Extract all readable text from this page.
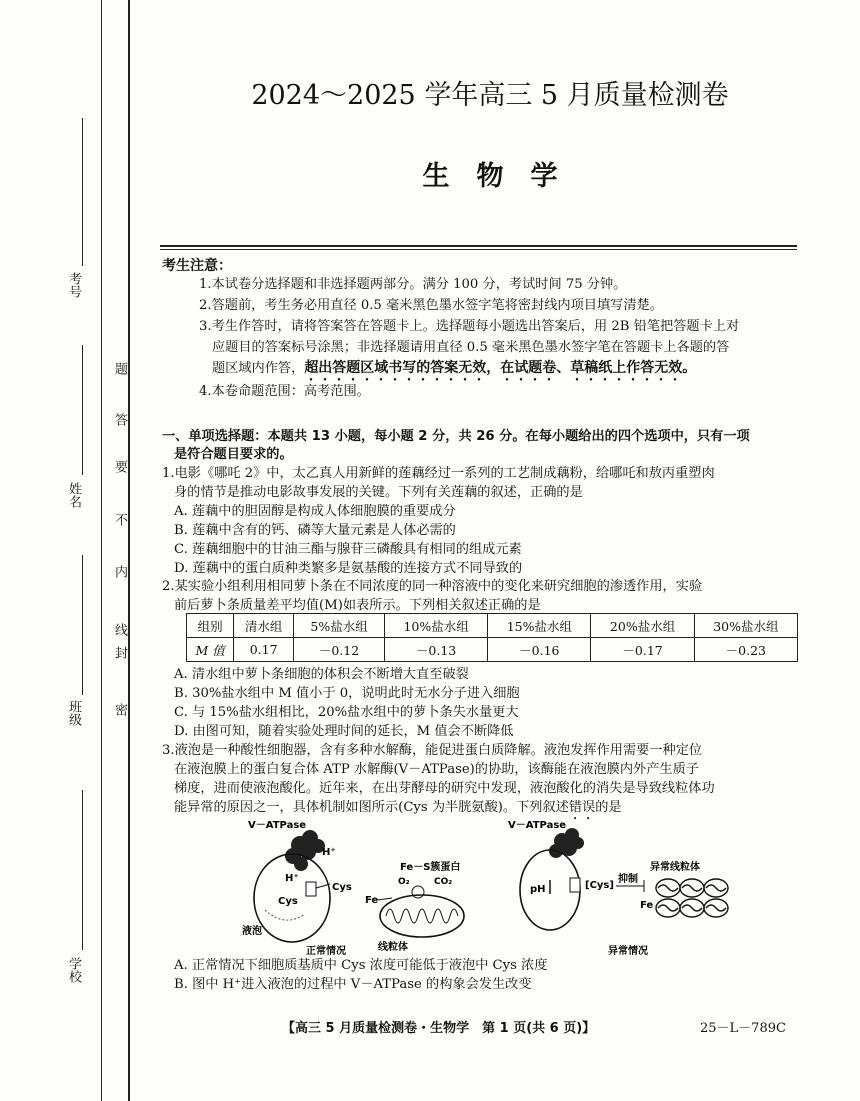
考号
姓名
班级
学校
密
封
线
内
不
要
答
题
2024～2025 学年高三 5 月质量检测卷
生　物　学
考生注意：
1.本试卷分选择题和非选择题两部分。满分 100 分，考试时间 75 分钟。
2.答题前，考生务必用直径 0.5 毫米黑色墨水签字笔将密封线内项目填写清楚。
3.考生作答时，请将答案答在答题卡上。选择题每小题选出答案后，用 2B 铅笔把答题卡上对
应题目的答案标号涂黑；非选择题请用直径 0.5 毫米黑色墨水签字笔在答题卡上各题的答
题区域内作答，超出答题区域书写的答案无效，在试题卷、草稿纸上作答无效。
4.本卷命题范围：高考范围。
一、单项选择题：本题共 13 小题，每小题 2 分，共 26 分。在每小题给出的四个选项中，只有一项
是符合题目要求的。
1.电影《哪吒 2》中，太乙真人用新鲜的莲藕经过一系列的工艺制成藕粉，给哪吒和敖丙重塑肉
身的情节是推动电影故事发展的关键。下列有关莲藕的叙述，正确的是
A. 莲藕中的胆固醇是构成人体细胞膜的重要成分
B. 莲藕中含有的钙、磷等大量元素是人体必需的
C. 莲藕细胞中的甘油三酯与腺苷三磷酸具有相同的组成元素
D. 莲藕中的蛋白质种类繁多是氨基酸的连接方式不同导致的
2.某实验小组利用相同萝卜条在不同浓度的同一种溶液中的变化来研究细胞的渗透作用，实验
前后萝卜条质量差平均值(M)如表所示。下列相关叙述正确的是
组别	清水组	5%盐水组	10%盐水组	15%盐水组	20%盐水组	30%盐水组
M 值	0.17	－0.12	－0.13	－0.16	－0.17	－0.23
A. 清水组中萝卜条细胞的体积会不断增大直至破裂
B. 30%盐水组中 M 值小于 0，说明此时无水分子进入细胞
C. 与 15%盐水组相比，20%盐水组中的萝卜条失水量更大
D. 由图可知，随着实验处理时间的延长，M 值会不断降低
3.液泡是一种酸性细胞器，含有多种水解酶，能促进蛋白质降解。液泡发挥作用需要一种定位
在液泡膜上的蛋白复合体 ATP 水解酶(V－ATPase)的协助，该酶能在液泡膜内外产生质子
梯度，进而使液泡酸化。近年来，在出芽酵母的研究中发现，液泡酸化的消失是导致线粒体功
能异常的原因之一，具体机制如图所示(Cys 为半胱氨酸)。下列叙述错误的是
V－ATPase
H⁺
H⁺
Cys
Cys
液泡
Fe－S簇蛋白
O₂	CO₂
Fe
线粒体
正常情况
V－ATPase
pH	[Cys]
抑制
Fe
异常线粒体
异常情况
A. 正常情况下细胞质基质中 Cys 浓度可能低于液泡中 Cys 浓度
B. 图中 H⁺进入液泡的过程中 V－ATPase 的构象会发生改变
【高三 5 月质量检测卷・生物学　第 1 页(共 6 页)】	25－L－789C
